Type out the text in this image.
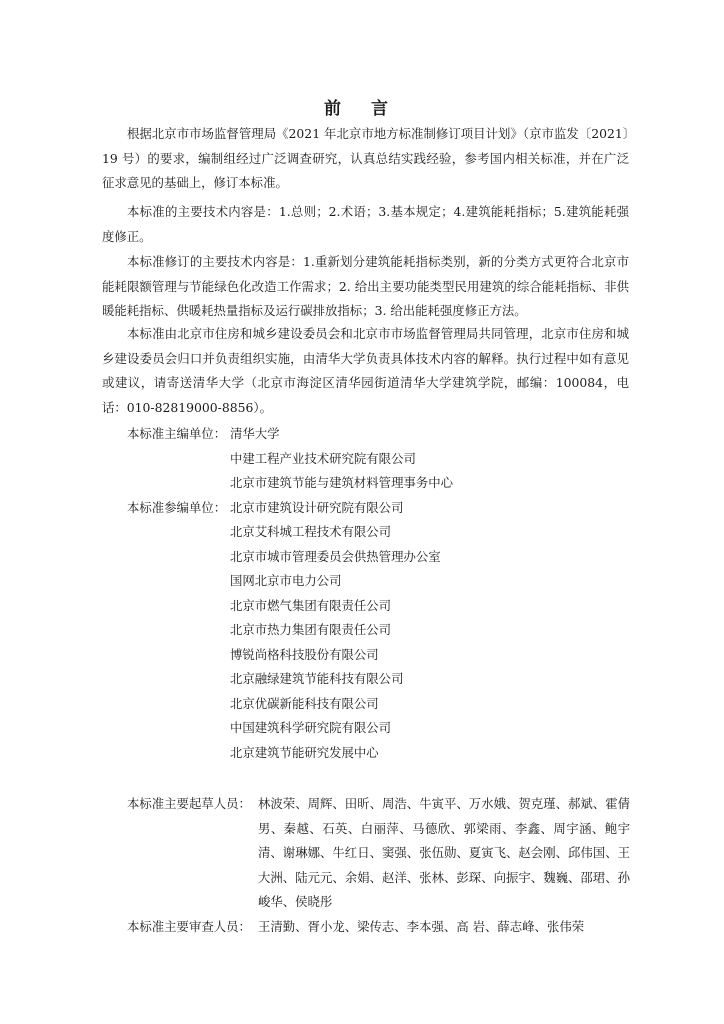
前 言

根据北京市市场监督管理局《2021 年北京市地方标准制修订项目计划》（京市监发〔2021〕19 号）的要求，编制组经过广泛调查研究，认真总结实践经验，参考国内相关标准，并在广泛征求意见的基础上，修订本标准。

本标准的主要技术内容是：1.总则；2.术语；3.基本规定；4.建筑能耗指标；5.建筑能耗强度修正。

本标准修订的主要技术内容是：1.重新划分建筑能耗指标类别，新的分类方式更符合北京市能耗限额管理与节能绿色化改造工作需求；2. 给出主要功能类型民用建筑的综合能耗指标、非供暖能耗指标、供暖耗热量指标及运行碳排放指标；3. 给出能耗强度修正方法。

本标准由北京市住房和城乡建设委员会和北京市市场监督管理局共同管理，北京市住房和城乡建设委员会归口并负责组织实施，由清华大学负责具体技术内容的解释。执行过程中如有意见或建议，请寄送清华大学（北京市海淀区清华园街道清华大学建筑学院，邮编：100084，电话：010-82819000-8856）。

本标准主编单位： 清华大学
中建工程产业技术研究院有限公司
北京市建筑节能与建筑材料管理事务中心
本标准参编单位： 北京市建筑设计研究院有限公司
北京艾科城工程技术有限公司
北京市城市管理委员会供热管理办公室
国网北京市电力公司
北京市燃气集团有限责任公司
北京市热力集团有限责任公司
博锐尚格科技股份有限公司
北京融绿建筑节能科技有限公司
北京优碳新能科技有限公司
中国建筑科学研究院有限公司
北京建筑节能研究发展中心
本标准主要起草人员： 林波荣、周辉、田昕、周浩、牛寅平、万水娥、贺克瑾、郝斌、霍倩男、秦越、石英、白丽萍、马德欣、郭梁雨、李鑫、周宇涵、鲍宇清、谢琳娜、牛红日、窦强、张伍勋、夏寅飞、赵会刚、邱伟国、王大洲、陆元元、余娟、赵洋、张林、彭琛、向振宇、魏巍、邵珺、孙峻华、侯晓彤

本标准主要审查人员： 王清勤、胥小龙、梁传志、李本强、高 岩、薛志峰、张伟荣
